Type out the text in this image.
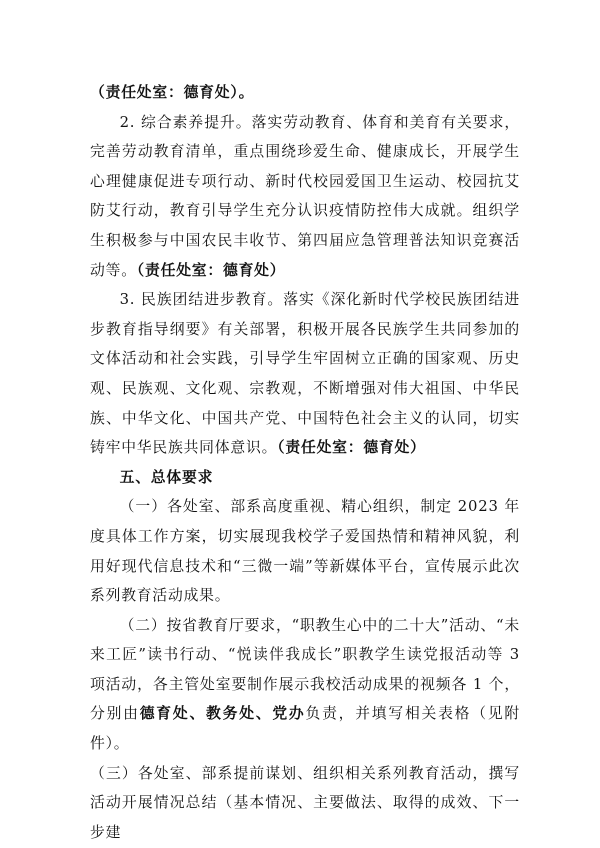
（责任处室：德育处）。

2. 综合素养提升。落实劳动教育、体育和美育有关要求，完善劳动教育清单，重点围绕珍爱生命、健康成长，开展学生心理健康促进专项行动、新时代校园爱国卫生运动、校园抗艾防艾行动，教育引导学生充分认识疫情防控伟大成就。组织学生积极参与中国农民丰收节、第四届应急管理普法知识竞赛活动等。（责任处室：德育处）

3. 民族团结进步教育。落实《深化新时代学校民族团结进步教育指导纲要》有关部署，积极开展各民族学生共同参加的文体活动和社会实践，引导学生牢固树立正确的国家观、历史观、民族观、文化观、宗教观，不断增强对伟大祖国、中华民族、中华文化、中国共产党、中国特色社会主义的认同，切实铸牢中华民族共同体意识。（责任处室：德育处）

五、总体要求

（一）各处室、部系高度重视、精心组织，制定 2023 年度具体工作方案，切实展现我校学子爱国热情和精神风貌，利用好现代信息技术和“三微一端”等新媒体平台，宣传展示此次系列教育活动成果。

（二）按省教育厅要求，“职教生心中的二十大”活动、“未来工匠”读书行动、“悦读伴我成长”职教学生读党报活动等 3 项活动，各主管处室要制作展示我校活动成果的视频各 1 个，分别由德育处、教务处、党办负责，并填写相关表格（见附件）。

（三）各处室、部系提前谋划、组织相关系列教育活动，撰写活动开展情况总结（基本情况、主要做法、取得的成效、下一步建
